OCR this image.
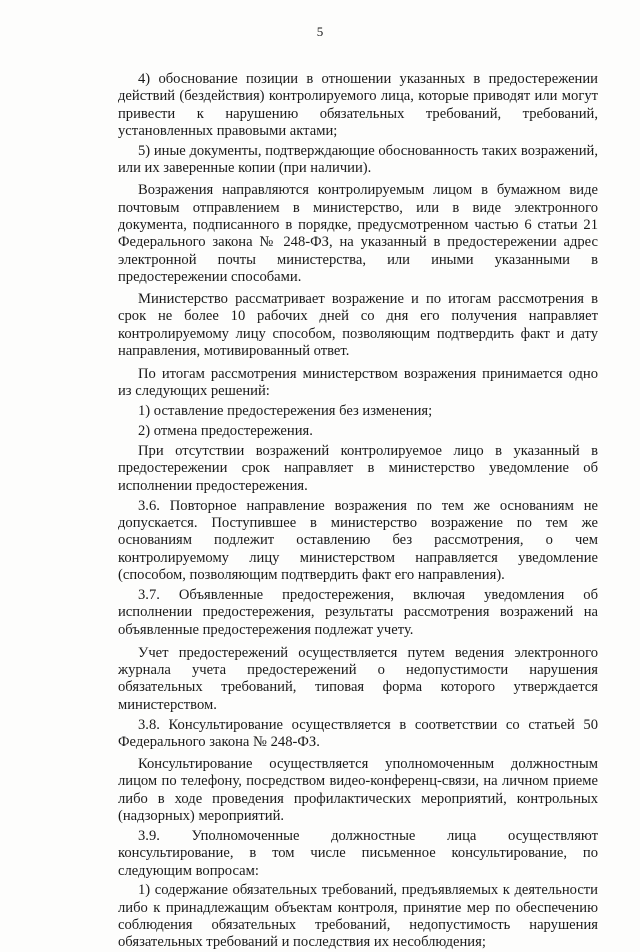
5

4) обоснование позиции в отношении указанных в предостережении действий (бездействия) контролируемого лица, которые приводят или могут привести к нарушению обязательных требований, требований, установленных правовыми актами;

5) иные документы, подтверждающие обоснованность таких возражений, или их заверенные копии (при наличии).

Возражения направляются контролируемым лицом в бумажном виде почтовым отправлением в министерство, или в виде электронного документа, подписанного в порядке, предусмотренном частью 6 статьи 21 Федерального закона № 248-ФЗ, на указанный в предостережении адрес электронной почты министерства, или иными указанными в предостережении способами.

Министерство рассматривает возражение и по итогам рассмотрения в срок не более 10 рабочих дней со дня его получения направляет контролируемому лицу способом, позволяющим подтвердить факт и дату направления, мотивированный ответ.

По итогам рассмотрения министерством возражения принимается одно из следующих решений:

1) оставление предостережения без изменения;

2) отмена предостережения.

При отсутствии возражений контролируемое лицо в указанный в предостережении срок направляет в министерство уведомление об исполнении предостережения.

3.6. Повторное направление возражения по тем же основаниям не допускается. Поступившее в министерство возражение по тем же основаниям подлежит оставлению без рассмотрения, о чем контролируемому лицу министерством направляется уведомление (способом, позволяющим подтвердить факт его направления).

3.7. Объявленные предостережения, включая уведомления об исполнении предостережения, результаты рассмотрения возражений на объявленные предостережения подлежат учету.

Учет предостережений осуществляется путем ведения электронного журнала учета предостережений о недопустимости нарушения обязательных требований, типовая форма которого утверждается министерством.

3.8. Консультирование осуществляется в соответствии со статьей 50 Федерального закона № 248-ФЗ.

Консультирование осуществляется уполномоченным должностным лицом по телефону, посредством видео-конференц-связи, на личном приеме либо в ходе проведения профилактических мероприятий, контрольных (надзорных) мероприятий.

3.9. Уполномоченные должностные лица осуществляют консультирование, в том числе письменное консультирование, по следующим вопросам:

1) содержание обязательных требований, предъявляемых к деятельности либо к принадлежащим объектам контроля, принятие мер по обеспечению соблюдения обязательных требований, недопустимость нарушения обязательных требований и последствия их несоблюдения;
